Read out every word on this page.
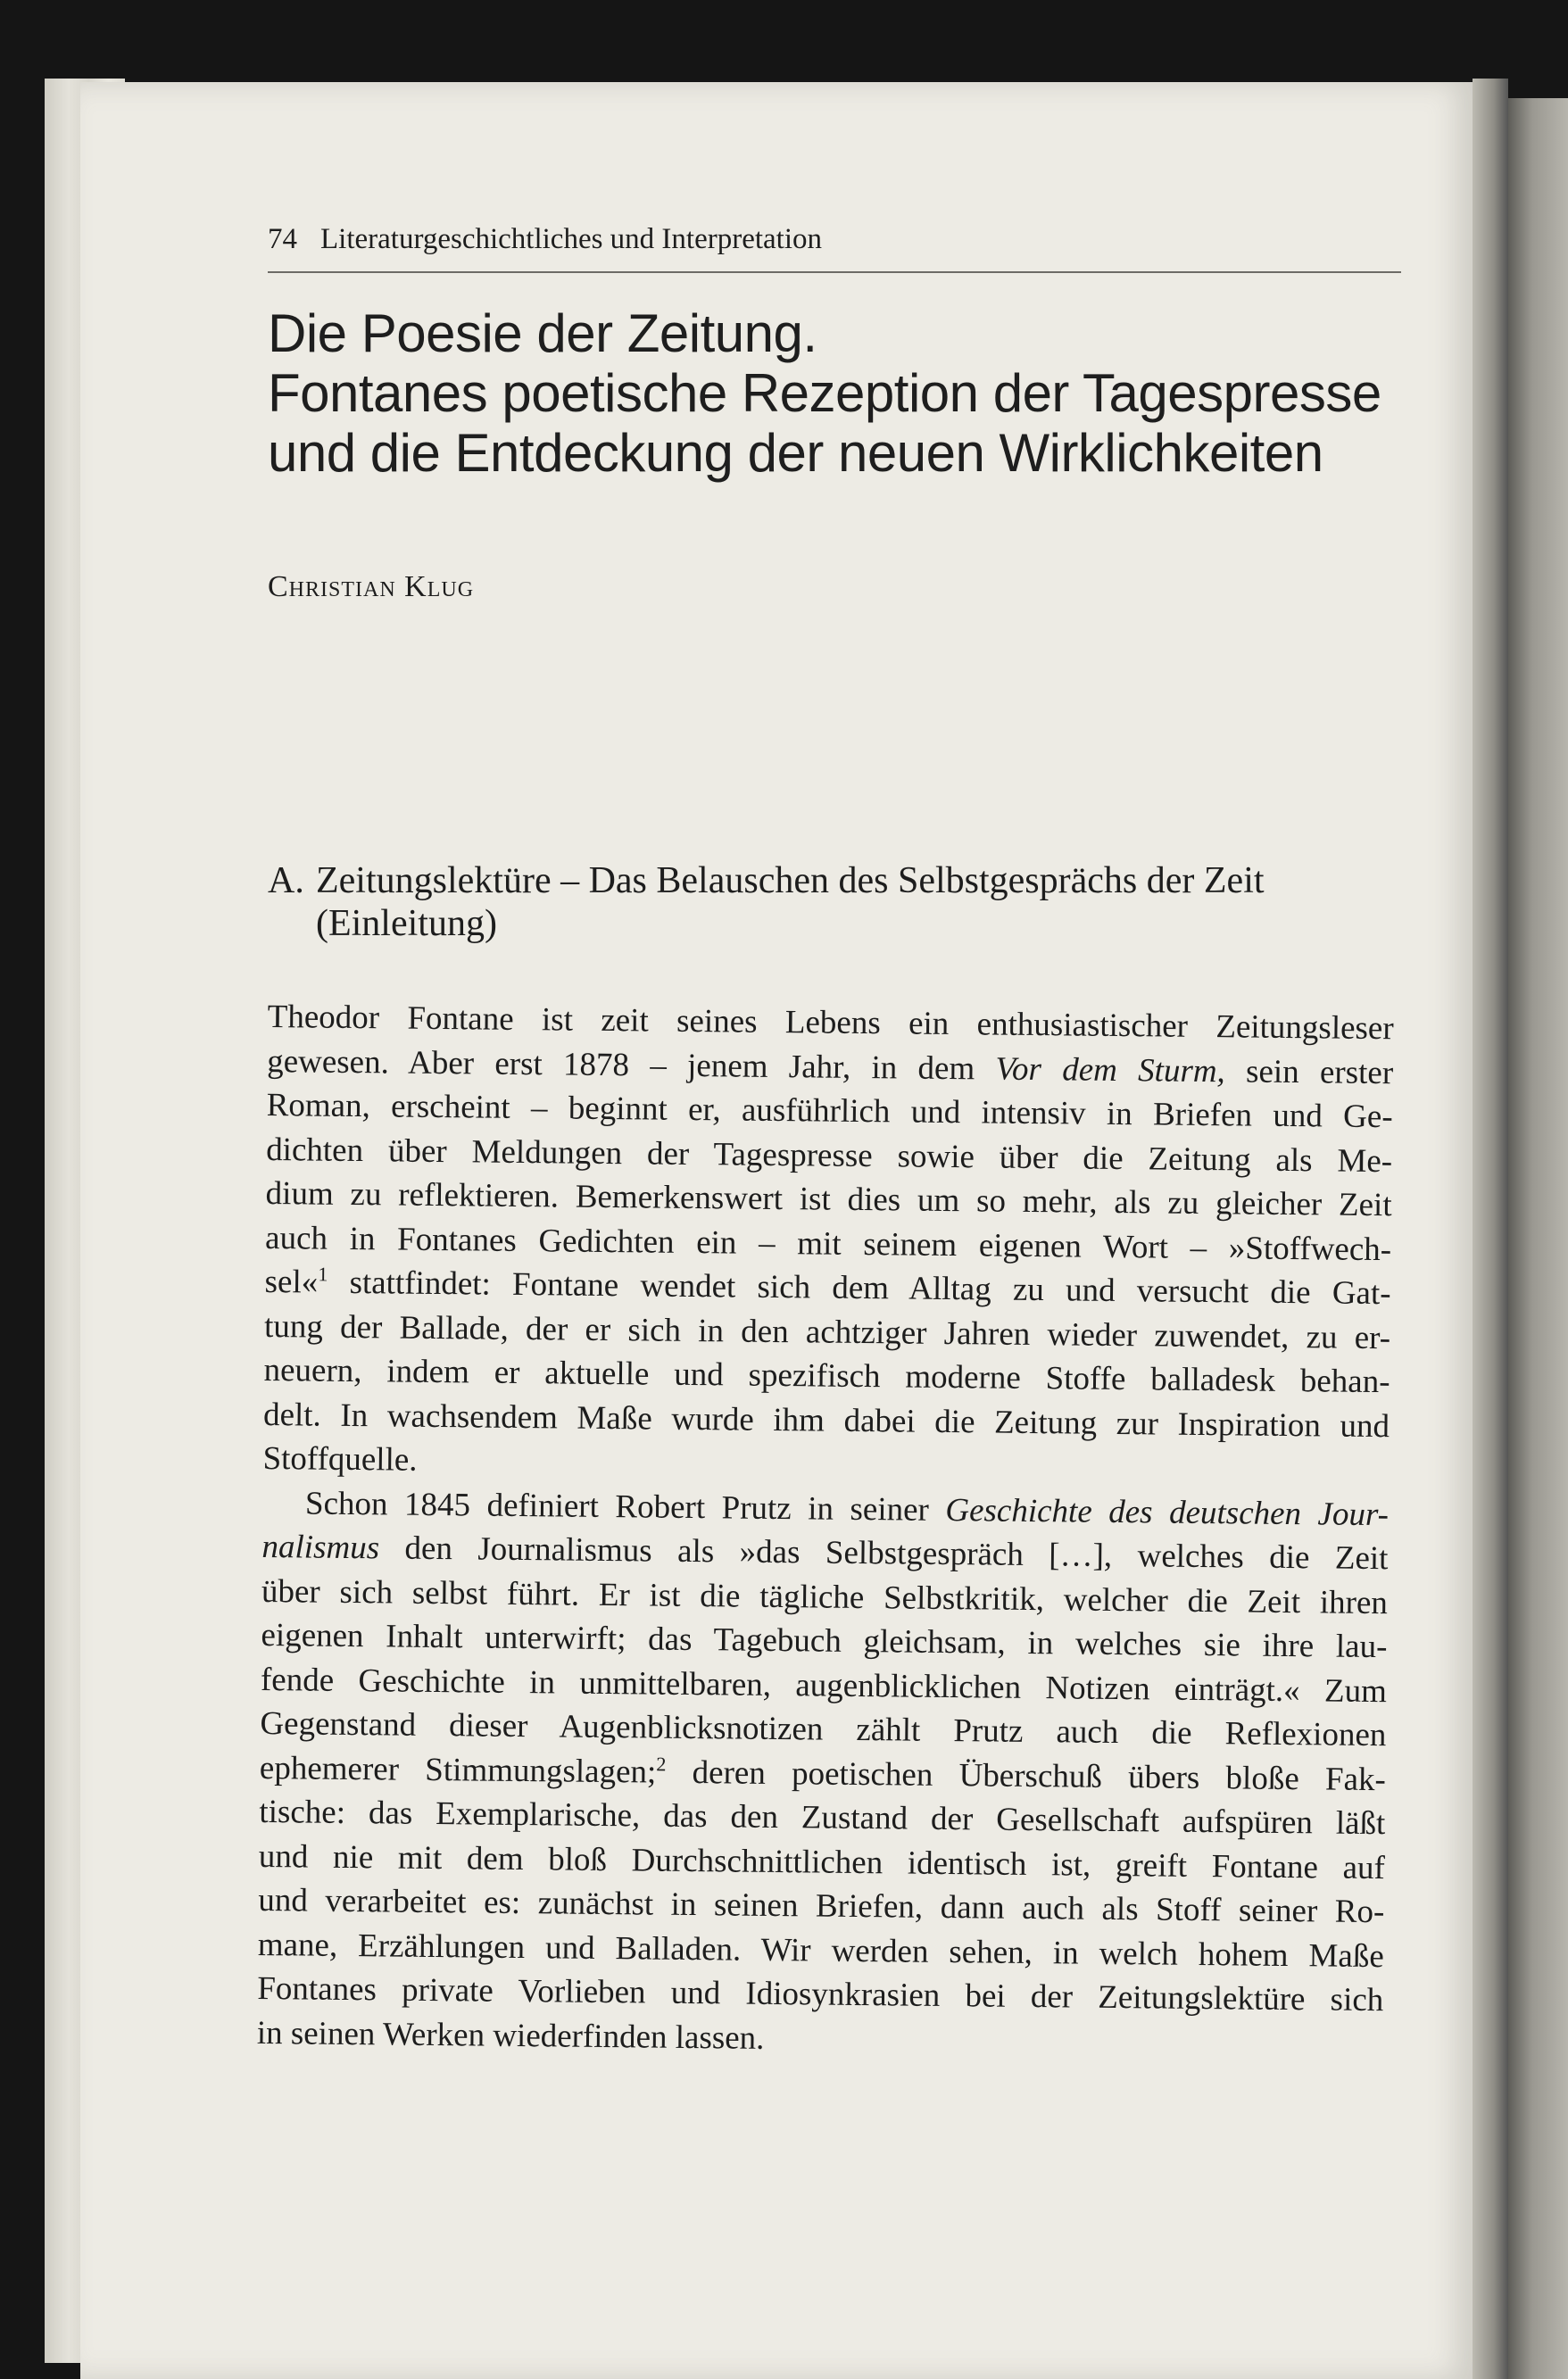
74 Literaturgeschichtliches und Interpretation
Die Poesie der Zeitung.
Fontanes poetische Rezeption der Tagespresse
und die Entdeckung der neuen Wirklichkeiten
Christian Klug
A. Zeitungslektüre – Das Belauschen des Selbstgesprächs der Zeit
(Einleitung)

Theodor Fontane ist zeit seines Lebens ein enthusiastischer Zeitungsleser
gewesen. Aber erst 1878 – jenem Jahr, in dem Vor dem Sturm, sein erster
Roman, erscheint – beginnt er, ausführlich und intensiv in Briefen und Ge-
dichten über Meldungen der Tagespresse sowie über die Zeitung als Me-
dium zu reflektieren. Bemerkenswert ist dies um so mehr, als zu gleicher Zeit
auch in Fontanes Gedichten ein – mit seinem eigenen Wort – »Stoffwech-
sel«$^1$ stattfindet: Fontane wendet sich dem Alltag zu und versucht die Gat-
tung der Ballade, der er sich in den achtziger Jahren wieder zuwendet, zu er-
neuern, indem er aktuelle und spezifisch moderne Stoffe balladesk behan-
delt. In wachsendem Maße wurde ihm dabei die Zeitung zur Inspiration und
Stoffquelle.

Schon 1845 definiert Robert Prutz in seiner Geschichte des deutschen Jour-
nalismus den Journalismus als »das Selbstgespräch […], welches die Zeit
über sich selbst führt. Er ist die tägliche Selbstkritik, welcher die Zeit ihren
eigenen Inhalt unterwirft; das Tagebuch gleichsam, in welches sie ihre lau-
fende Geschichte in unmittelbaren, augenblicklichen Notizen einträgt.« Zum
Gegenstand dieser Augenblicksnotizen zählt Prutz auch die Reflexionen
ephemerer Stimmungslagen;$^2$ deren poetischen Überschuß übers bloße Fak-
tische: das Exemplarische, das den Zustand der Gesellschaft aufspüren läßt
und nie mit dem bloß Durchschnittlichen identisch ist, greift Fontane auf
und verarbeitet es: zunächst in seinen Briefen, dann auch als Stoff seiner Ro-
mane, Erzählungen und Balladen. Wir werden sehen, in welch hohem Maße
Fontanes private Vorlieben und Idiosynkrasien bei der Zeitungslektüre sich
in seinen Werken wiederfinden lassen.
